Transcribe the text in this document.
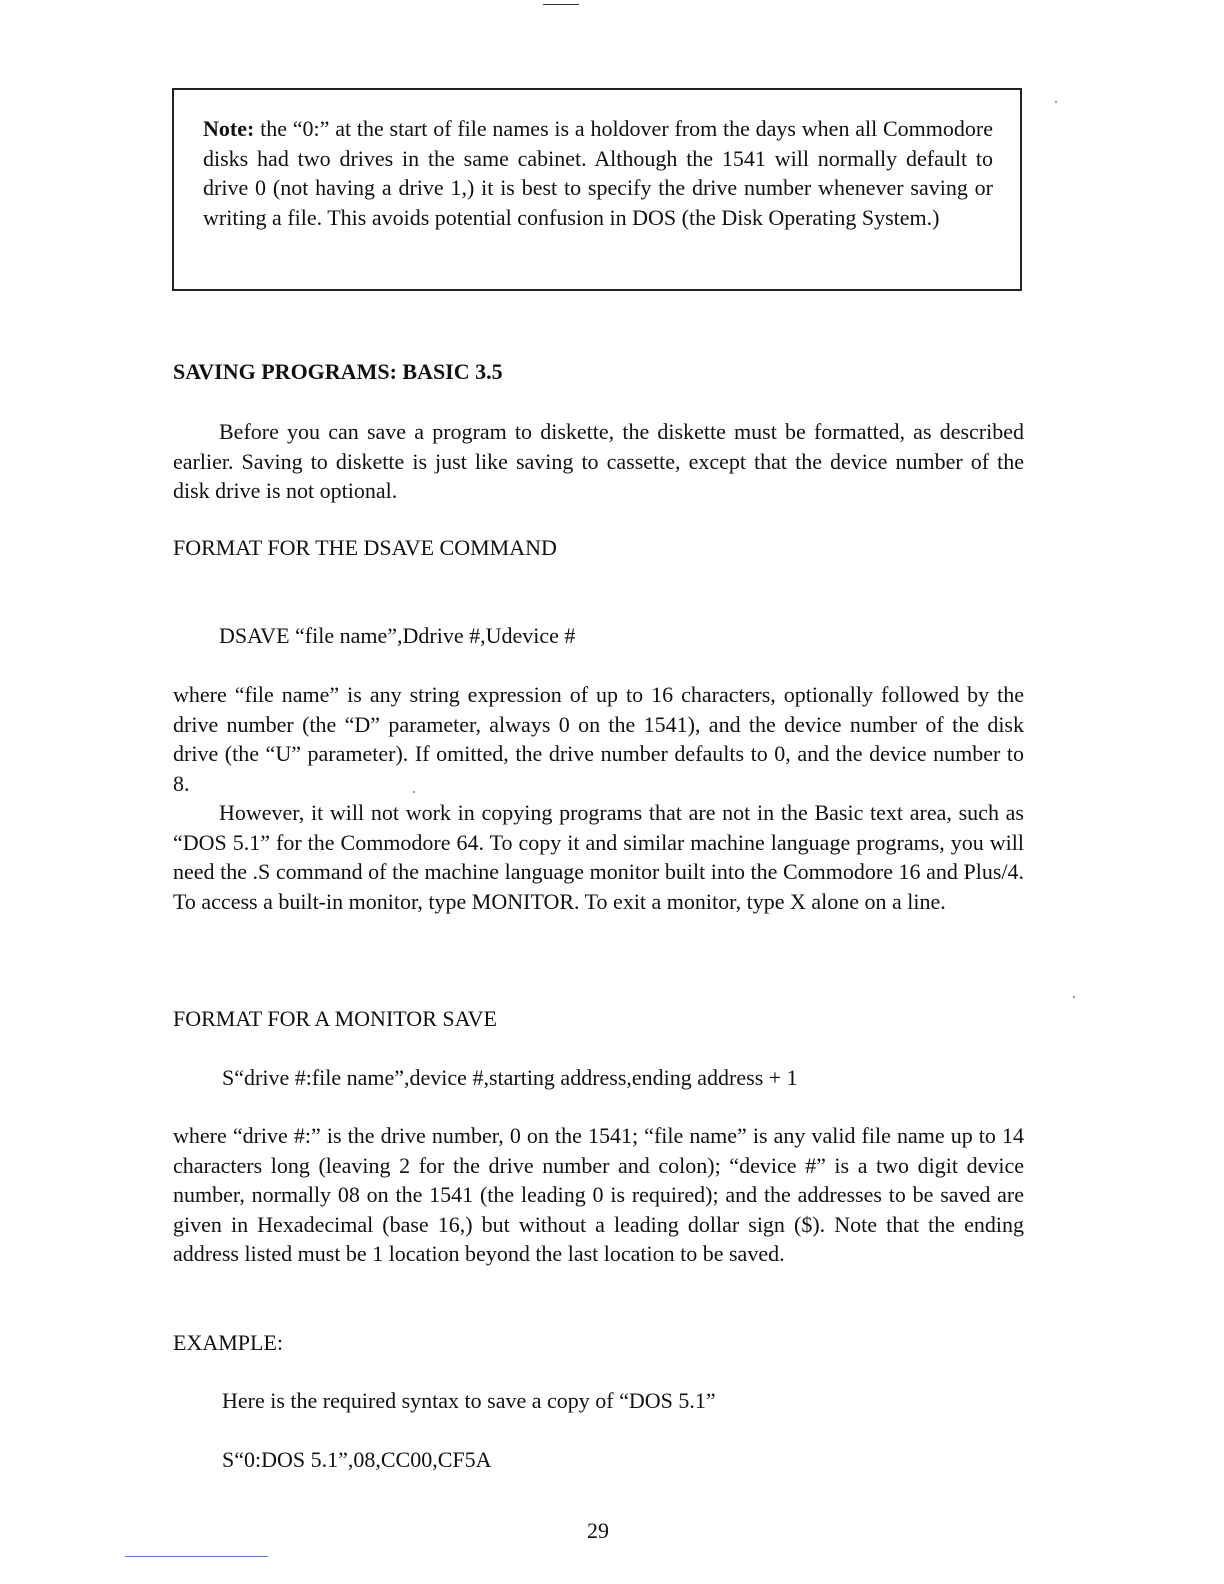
Note: the “0:” at the start of file names is a holdover from the days when all Commodore disks had two drives in the same cabinet. Although the 1541 will normally default to drive 0 (not having a drive 1,) it is best to specify the drive number whenever saving or writing a file. This avoids potential confusion in DOS (the Disk Operating System.)
SAVING PROGRAMS: BASIC 3.5

Before you can save a program to diskette, the diskette must be formatted, as described earlier. Saving to diskette is just like saving to cassette, except that the device number of the disk drive is not optional.

FORMAT FOR THE DSAVE COMMAND
DSAVE “file name”,Ddrive #,Udevice #

where “file name” is any string expression of up to 16 characters, optionally followed by the drive number (the “D” parameter, always 0 on the 1541), and the device number of the disk drive (the “U” parameter). If omitted, the drive number defaults to 0, and the device number to 8.

However, it will not work in copying programs that are not in the Basic text area, such as “DOS 5.1” for the Commodore 64. To copy it and similar machine language programs, you will need the .S command of the machine language monitor built into the Commodore 16 and Plus/4. To access a built-in monitor, type MONITOR. To exit a monitor, type X alone on a line.

FORMAT FOR A MONITOR SAVE
S“drive #:file name”,device #,starting address,ending address + 1

where “drive #:” is the drive number, 0 on the 1541; “file name” is any valid file name up to 14 characters long (leaving 2 for the drive number and colon); “device #” is a two digit device number, normally 08 on the 1541 (the leading 0 is required); and the addresses to be saved are given in Hexadecimal (base 16,) but without a leading dollar sign ($). Note that the ending address listed must be 1 location beyond the last location to be saved.

EXAMPLE:
Here is the required syntax to save a copy of “DOS 5.1”
S“0:DOS 5.1”,08,CC00,CF5A
29
